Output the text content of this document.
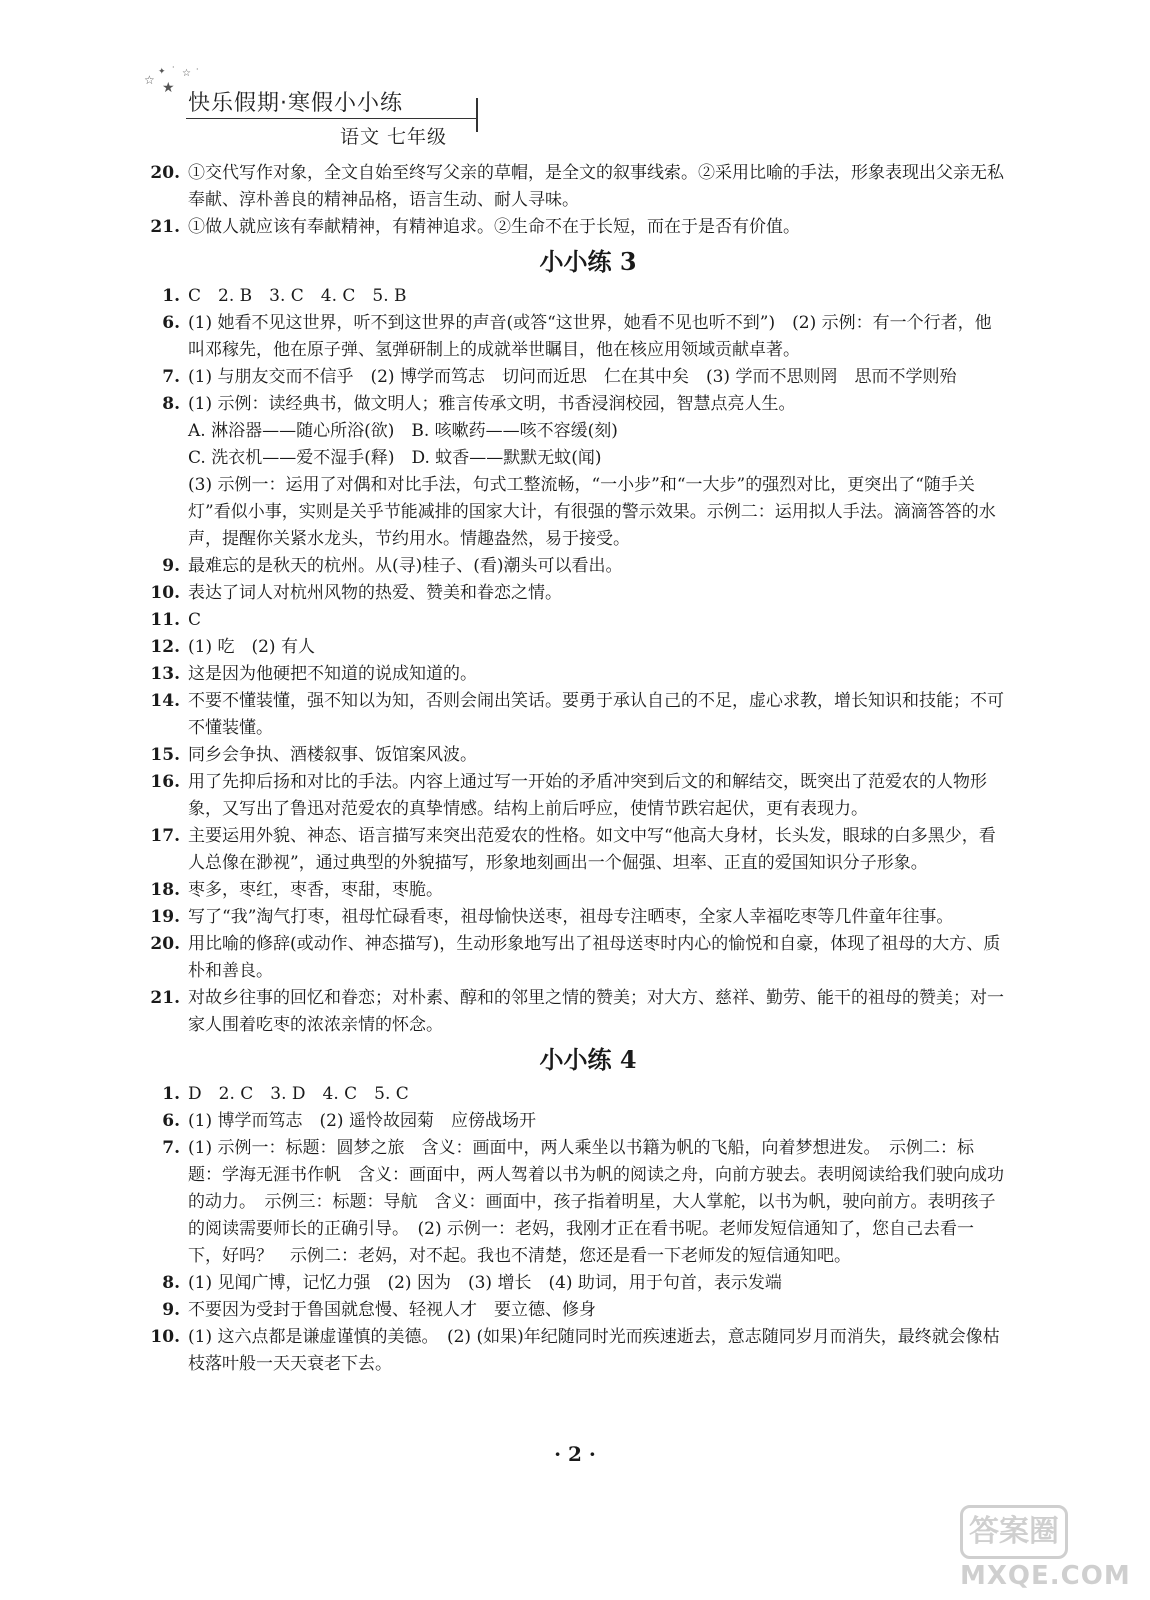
☆
✦ ·
☆ ·
★
快乐假期·寒假小小练
语文 七年级
20. ①交代写作对象，全文自始至终写父亲的草帽，是全文的叙事线索。②采用比喻的手法，形象表现出父亲无私奉献、淳朴善良的精神品格，语言生动、耐人寻味。
21. ①做人就应该有奉献精神，有精神追求。②生命不在于长短，而在于是否有价值。
小小练 3
1. C　2. B　3. C　4. C　5. B
6. (1) 她看不见这世界，听不到这世界的声音(或答“这世界，她看不见也听不到”)　(2) 示例：有一个行者，他叫邓稼先，他在原子弹、氢弹研制上的成就举世瞩目，他在核应用领域贡献卓著。
7. (1) 与朋友交而不信乎　(2) 博学而笃志　切问而近思　仁在其中矣　(3) 学而不思则罔　思而不学则殆
8. (1) 示例：读经典书，做文明人；雅言传承文明，书香浸润校园，智慧点亮人生。
A. 淋浴器——随心所浴(欲)　B. 咳嗽药——咳不容缓(刻)
C. 洗衣机——爱不湿手(释)　D. 蚊香——默默无蚊(闻)
(3) 示例一：运用了对偶和对比手法，句式工整流畅，“一小步”和“一大步”的强烈对比，更突出了“随手关灯”看似小事，实则是关乎节能减排的国家大计，有很强的警示效果。示例二：运用拟人手法。滴滴答答的水声，提醒你关紧水龙头，节约用水。情趣盎然，易于接受。
9. 最难忘的是秋天的杭州。从(寻)桂子、(看)潮头可以看出。
10. 表达了词人对杭州风物的热爱、赞美和眷恋之情。
11. C
12. (1) 吃　(2) 有人
13. 这是因为他硬把不知道的说成知道的。
14. 不要不懂装懂，强不知以为知，否则会闹出笑话。要勇于承认自己的不足，虚心求教，增长知识和技能；不可不懂装懂。
15. 同乡会争执、酒楼叙事、饭馆案风波。
16. 用了先抑后扬和对比的手法。内容上通过写一开始的矛盾冲突到后文的和解结交，既突出了范爱农的人物形象，又写出了鲁迅对范爱农的真挚情感。结构上前后呼应，使情节跌宕起伏，更有表现力。
17. 主要运用外貌、神态、语言描写来突出范爱农的性格。如文中写“他高大身材，长头发，眼球的白多黑少，看人总像在渺视”，通过典型的外貌描写，形象地刻画出一个倔强、坦率、正直的爱国知识分子形象。
18. 枣多，枣红，枣香，枣甜，枣脆。
19. 写了“我”淘气打枣，祖母忙碌看枣，祖母愉快送枣，祖母专注晒枣，全家人幸福吃枣等几件童年往事。
20. 用比喻的修辞(或动作、神态描写)，生动形象地写出了祖母送枣时内心的愉悦和自豪，体现了祖母的大方、质朴和善良。
21. 对故乡往事的回忆和眷恋；对朴素、醇和的邻里之情的赞美；对大方、慈祥、勤劳、能干的祖母的赞美；对一家人围着吃枣的浓浓亲情的怀念。
小小练 4
1. D　2. C　3. D　4. C　5. C
6. (1) 博学而笃志　(2) 遥怜故园菊　应傍战场开
7. (1) 示例一：标题：圆梦之旅　含义：画面中，两人乘坐以书籍为帆的飞船，向着梦想进发。　示例二：标题：学海无涯书作帆　含义：画面中，两人驾着以书为帆的阅读之舟，向前方驶去。表明阅读给我们驶向成功的动力。　示例三：标题：导航　含义：画面中，孩子指着明星，大人掌舵，以书为帆，驶向前方。表明孩子的阅读需要师长的正确引导。　(2) 示例一：老妈，我刚才正在看书呢。老师发短信通知了，您自己去看一下，好吗？　示例二：老妈，对不起。我也不清楚，您还是看一下老师发的短信通知吧。
8. (1) 见闻广博，记忆力强　(2) 因为　(3) 增长　(4) 助词，用于句首，表示发端
9. 不要因为受封于鲁国就怠慢、轻视人才　要立德、修身
10. (1) 这六点都是谦虚谨慎的美德。　(2) (如果)年纪随同时光而疾速逝去，意志随同岁月而消失，最终就会像枯枝落叶般一天天衰老下去。
· 2 ·
答案圈
MXQE.COM
